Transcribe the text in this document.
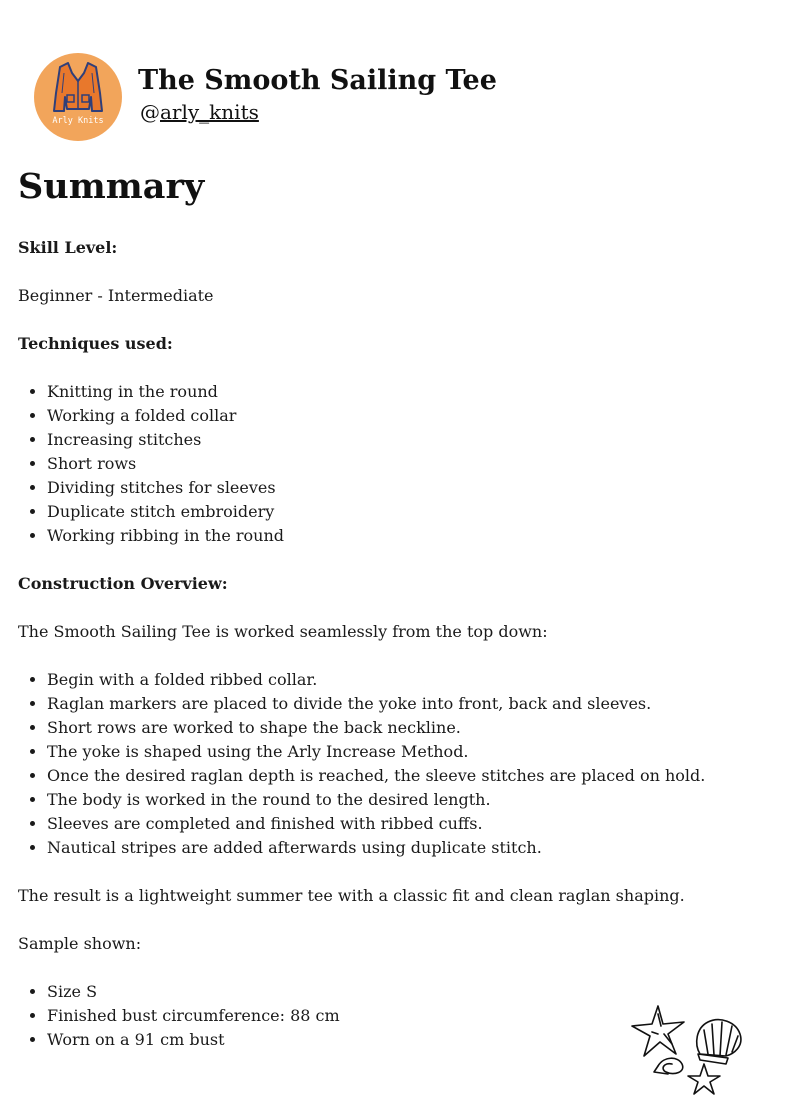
Arly Knits
The Smooth Sailing Tee
@arly_knits
Summary

Skill Level:

Beginner - Intermediate

Techniques used:

• Knitting in the round
• Working a folded collar
• Increasing stitches
• Short rows
• Dividing stitches for sleeves
• Duplicate stitch embroidery
• Working ribbing in the round

Construction Overview:

The Smooth Sailing Tee is worked seamlessly from the top down:

• Begin with a folded ribbed collar.
• Raglan markers are placed to divide the yoke into front, back and sleeves.
• Short rows are worked to shape the back neckline.
• The yoke is shaped using the Arly Increase Method.
• Once the desired raglan depth is reached, the sleeve stitches are placed on hold.
• The body is worked in the round to the desired length.
• Sleeves are completed and finished with ribbed cuffs.
• Nautical stripes are added afterwards using duplicate stitch.

The result is a lightweight summer tee with a classic fit and clean raglan shaping.

Sample shown:

• Size S
• Finished bust circumference: 88 cm
• Worn on a 91 cm bust
